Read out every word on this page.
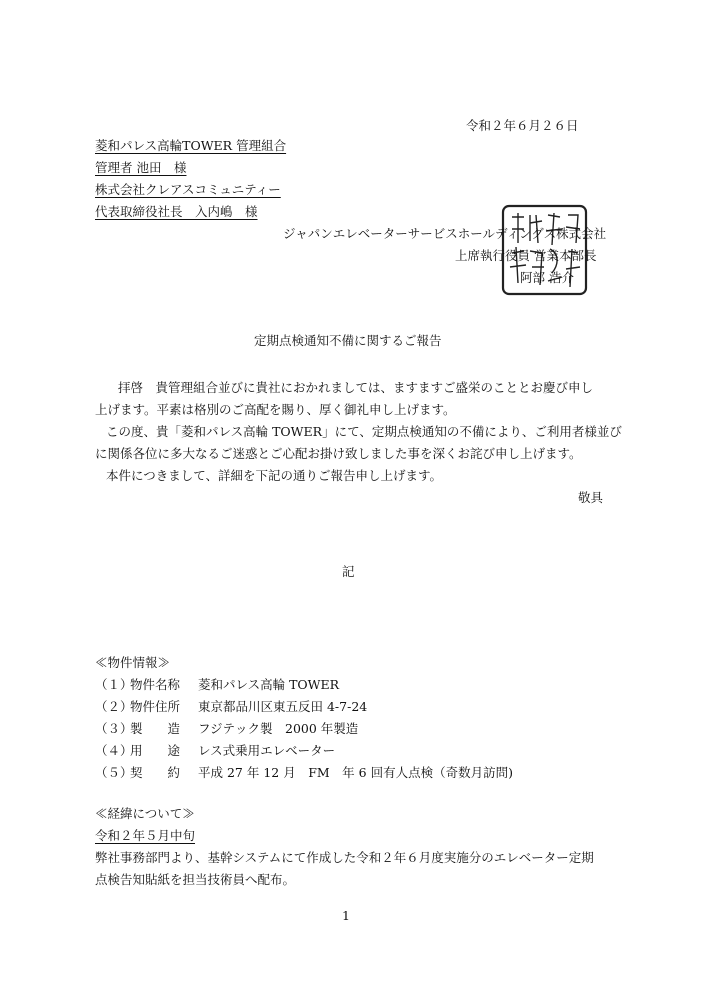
令和２年６月２６日
菱和パレス高輪TOWER 管理組合
管理者 池田　様
株式会社クレアスコミュニティー
代表取締役社長　入内嶋　様
ジャパンエレベーターサービスホールディングス株式会社
上席執行役員 営業本部長
阿部 浩介
定期点検通知不備に関するご報告
拝啓　貴管理組合並びに貴社におかれましては、ますますご盛栄のこととお慶び申し
上げます。平素は格別のご高配を賜り、厚く御礼申し上げます。
この度、貴「菱和パレス高輪 TOWER」にて、定期点検通知の不備により、ご利用者様並び
に関係各位に多大なるご迷惑とご心配お掛け致しました事を深くお詫び申し上げます。
本件につきまして、詳細を下記の通りご報告申し上げます。
敬具
記
≪物件情報≫
（１）
物件名称 菱和パレス高輪 TOWER
（２）
物件住所 東京都品川区東五反田 4-7-24
（３）
製　　造 フジテック製　2000 年製造
（４）
用　　途 レス式乗用エレベーター
（５）
契　　約 平成 27 年 12 月　FM　年 6 回有人点検（奇数月訪問)
≪経緯について≫
令和２年５月中旬
弊社事務部門より、基幹システムにて作成した令和２年６月度実施分のエレベーター定期
点検告知貼紙を担当技術員へ配布。
1
